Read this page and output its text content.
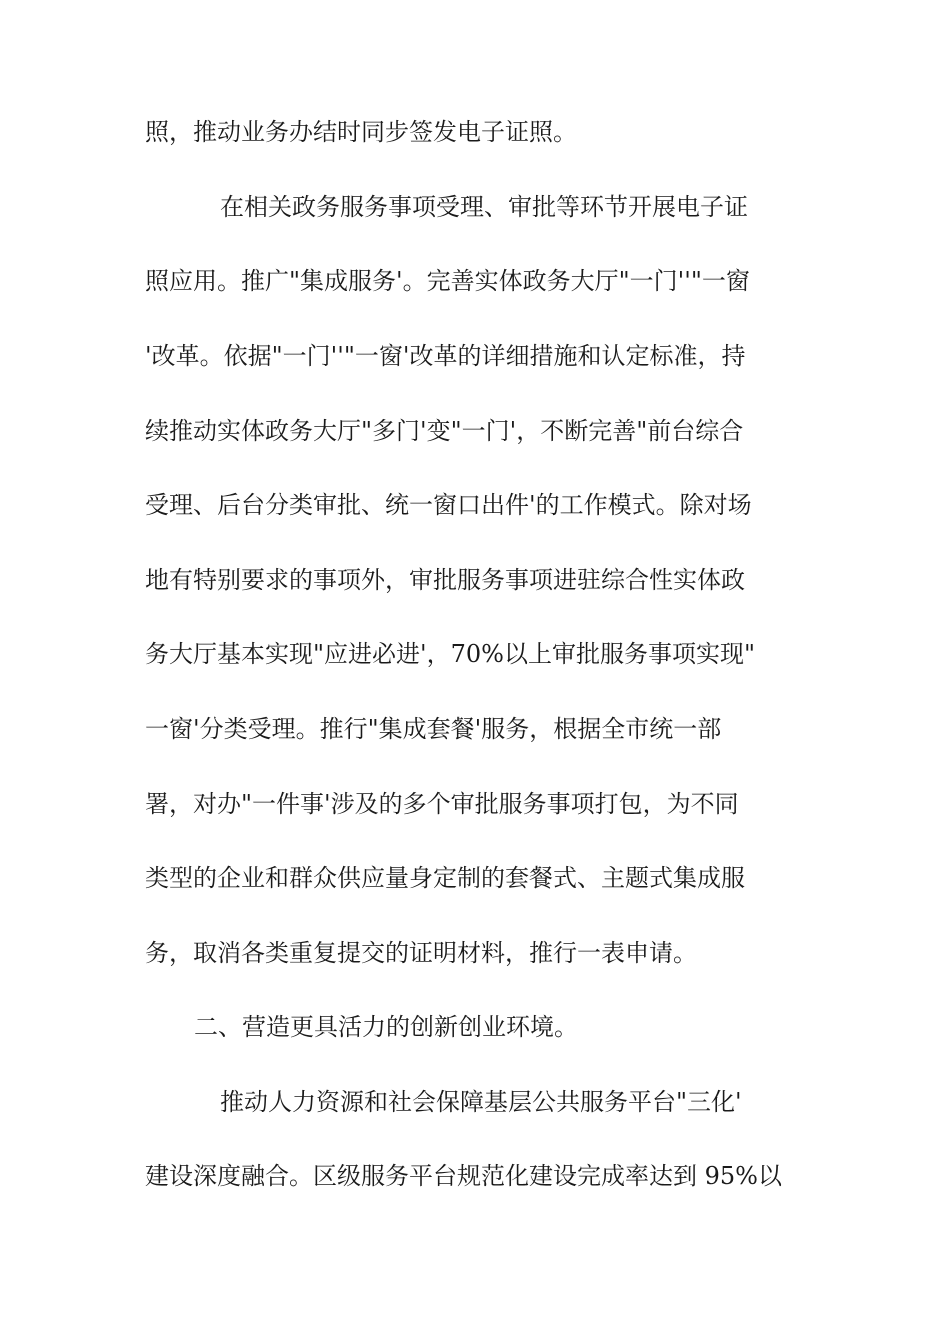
照，推动业务办结时同步签发电子证照。
在相关政务服务事项受理、审批等环节开展电子证
照应用。推广"集成服务'。完善实体政务大厅"一门''"一窗
'改革。依据"一门''"一窗'改革的详细措施和认定标准，持
续推动实体政务大厅"多门'变"一门'，不断完善"前台综合
受理、后台分类审批、统一窗口出件'的工作模式。除对场
地有特别要求的事项外，审批服务事项进驻综合性实体政
务大厅基本实现"应进必进'，70%以上审批服务事项实现"
一窗'分类受理。推行"集成套餐'服务，根据全市统一部
署，对办"一件事'涉及的多个审批服务事项打包，为不同
类型的企业和群众供应量身定制的套餐式、主题式集成服
务，取消各类重复提交的证明材料，推行一表申请。
二、营造更具活力的创新创业环境。
推动人力资源和社会保障基层公共服务平台"三化'
建设深度融合。区级服务平台规范化建设完成率达到 95%以
